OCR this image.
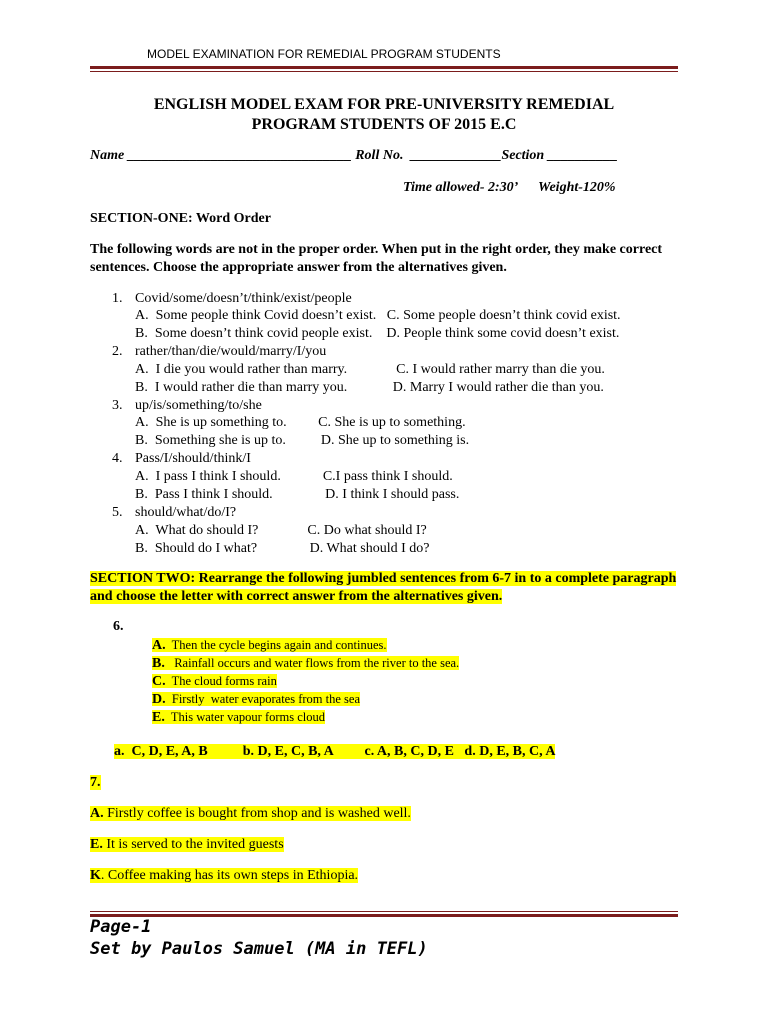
MODEL EXAMINATION FOR REMEDIAL PROGRAM STUDENTS
ENGLISH MODEL EXAM FOR PRE-UNIVERSITY REMEDIAL
PROGRAM STUDENTS OF 2015 E.C
Name ________________________________ Roll No.  _____________Section __________
Time allowed- 2:30’      Weight-120%
SECTION-ONE: Word Order
The following words are not in the proper order. When put in the right order, they make correct sentences. Choose the appropriate answer from the alternatives given.
1. Covid/some/doesn’t/think/exist/people
A.  Some people think Covid doesn’t exist.   C. Some people doesn’t think covid exist.
B.  Some doesn’t think covid people exist.    D. People think some covid doesn’t exist.
2. rather/than/die/would/marry/I/you
A.  I die you would rather than marry.              C. I would rather marry than die you.
B.  I would rather die than marry you.             D. Marry I would rather die than you.
3. up/is/something/to/she
A.  She is up something to.         C. She is up to something.
B.  Something she is up to.          D. She up to something is.
4. Pass/I/should/think/I
A.  I pass I think I should.            C.I pass think I should.
B.  Pass I think I should.               D. I think I should pass.
5. should/what/do/I?
A.  What do should I?              C. Do what should I?
B.  Should do I what?               D. What should I do?
SECTION TWO: Rearrange the following jumbled sentences from 6-7 in to a complete paragraph and choose the letter with correct answer from the alternatives given.
6.
A. Then the cycle begins again and continues.
B.   Rainfall occurs and water flows from the river to the sea.
C. The cloud forms rain
D. Firstly  water evaporates from the sea
E. This water vapour forms cloud
a.  C, D, E, A, B          b. D, E, C, B, A         c. A, B, C, D, E   d. D, E, B, C, A
7.
A. Firstly coffee is bought from shop and is washed well.
E. It is served to the invited guests
K. Coffee making has its own steps in Ethiopia.
Page-1
Set by Paulos Samuel (MA in TEFL)
